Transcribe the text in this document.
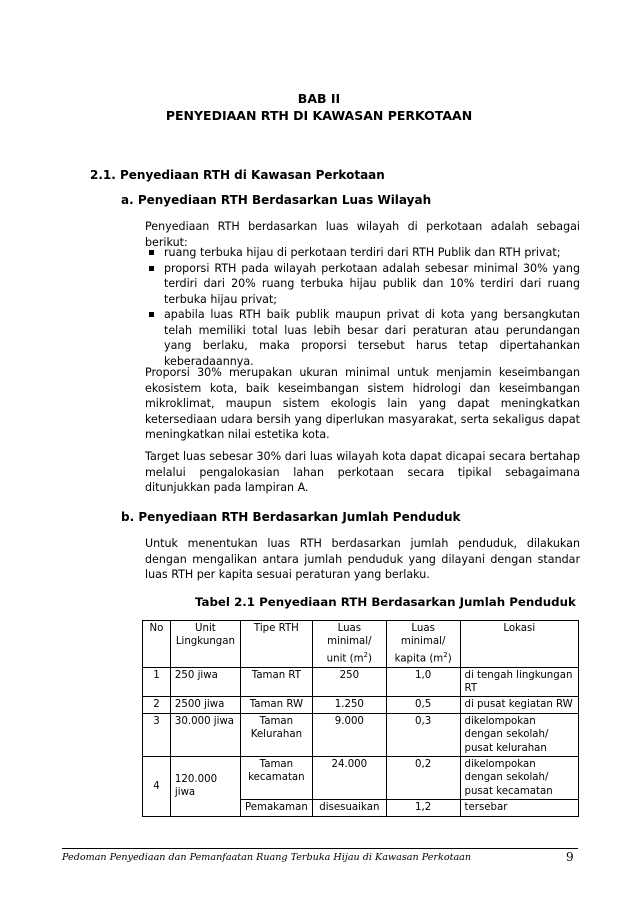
BAB II
PENYEDIAAN RTH DI KAWASAN PERKOTAAN
2.1. Penyediaan RTH di Kawasan Perkotaan
a. Penyediaan RTH Berdasarkan Luas Wilayah
Penyediaan RTH berdasarkan luas wilayah di perkotaan adalah sebagai berikut:
ruang terbuka hijau di perkotaan terdiri dari RTH Publik dan RTH privat;
proporsi RTH pada wilayah perkotaan adalah sebesar minimal 30% yang terdiri dari 20% ruang terbuka hijau publik dan 10% terdiri dari ruang terbuka hijau privat;
apabila luas RTH baik publik maupun privat di kota yang bersangkutan telah memiliki total luas lebih besar dari peraturan atau perundangan yang berlaku, maka proporsi tersebut harus tetap dipertahankan keberadaannya.
Proporsi 30% merupakan ukuran minimal untuk menjamin keseimbangan ekosistem kota, baik keseimbangan sistem hidrologi dan keseimbangan mikroklimat, maupun sistem ekologis lain yang dapat meningkatkan ketersediaan udara bersih yang diperlukan masyarakat, serta sekaligus dapat meningkatkan nilai estetika kota.
Target luas sebesar 30% dari luas wilayah kota dapat dicapai secara bertahap melalui pengalokasian lahan perkotaan secara tipikal sebagaimana ditunjukkan pada lampiran A.
b. Penyediaan RTH Berdasarkan Jumlah Penduduk
Untuk menentukan luas RTH berdasarkan jumlah penduduk, dilakukan dengan mengalikan antara jumlah penduduk yang dilayani dengan standar luas RTH per kapita sesuai peraturan yang berlaku.
Tabel 2.1 Penyediaan RTH Berdasarkan Jumlah Penduduk
No	Unit Lingkungan	Tipe RTH	Luas minimal/ unit $(m^2)$	Luas minimal/ kapita $(m^2)$	Lokasi
1	250 jiwa	Taman RT	250	1,0	di tengah lingkungan RT
2	2500 jiwa	Taman RW	1.250	0,5	di pusat kegiatan RW
3	30.000 jiwa	Taman Kelurahan	9.000	0,3	dikelompokan dengan sekolah/ pusat kelurahan
4	120.000 jiwa	Taman kecamatan	24.000	0,2	dikelompokan dengan sekolah/ pusat kecamatan
		Pemakaman	disesuaikan	1,2	tersebar
Pedoman Penyediaan dan Pemanfaatan Ruang Terbuka Hijau di Kawasan Perkotaan	9
